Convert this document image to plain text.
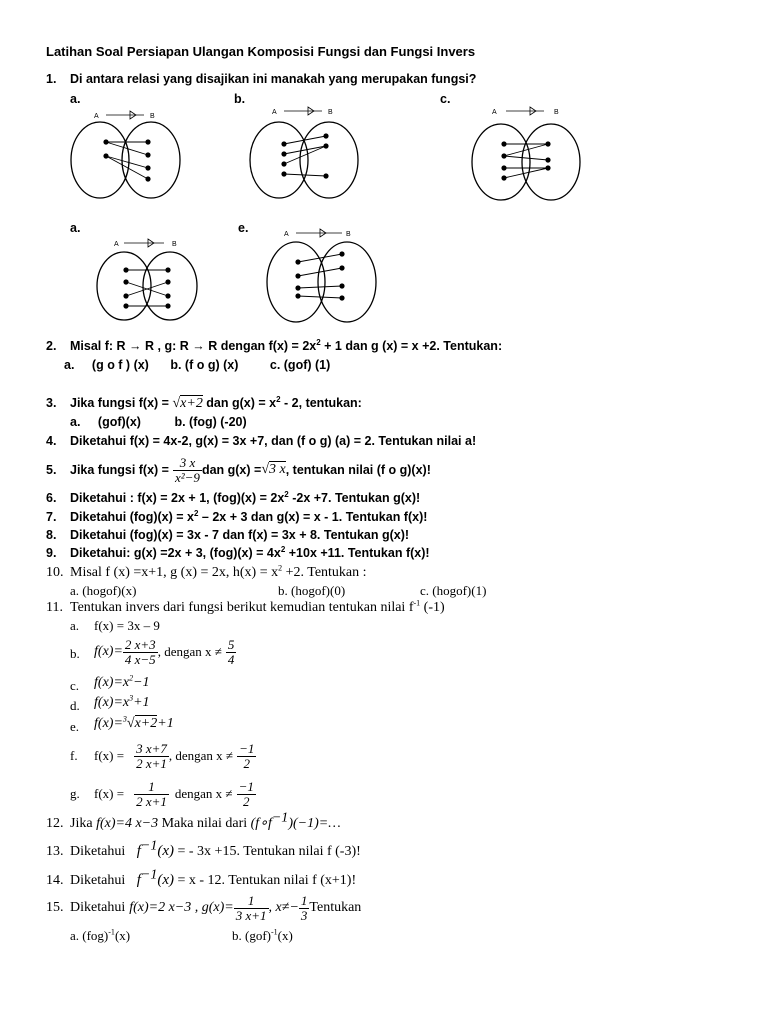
Latihan Soal Persiapan Ulangan Komposisi Fungsi dan Fungsi Invers
1. Di antara relasi yang disajikan ini manakah yang merupakan fungsi?
a.	b.	c.
a.	e.
A	B
A	B	A	B
A	B
A	B
2. Misal f: R → R , g: R → R dengan $f(x) = 2x^2 + 1$ dan g (x) = x +2. Tentukan:
a. (g o f ) (x) b. (f o g) (x)	c. (gof) (1)
3. Jika fungsi f(x) = √x+2 dan $g(x) = x^2 - 2$, tentukan:
a. (gof)(x)	b. (fog) (-20)
4. Diketahui f(x) = 4x-2, g(x) = 3x +7, dan (f o g) (a) = 2. Tentukan nilai a!
5.	Jika fungsi $f(x) = \frac{3 x}{\text{x²−9}}$ dan g(x) = √3 x , tentukan nilai (f o g)(x)!
6. Diketahui : f(x) = 2x + 1, $(fog)(x) = 2x^2$ -2x +7. Tentukan g(x)!
7. Diketahui $(fog)(x) = x^2 - 2x + 3$ dan g(x) = x - 1. Tentukan f(x)!
8. Diketahui (fog)(x) = 3x - 7 dan f(x) = 3x + 8. Tentukan g(x)!
9. Diketahui: g(x) =2x + 3, $(fog)(x) = 4x^2 +10x +11$. Tentukan f(x)!
10. Misal f (x) =x+1, g (x) = 2x, $h(x) = x^2 +2$. Tentukan :
a. (hogof)(x)	b. (hogof)(0)	c. (hogof)(1)
11. Tentukan invers dari fungsi berikut kemudian tentukan nilai $f^{-1}$ (-1)
a. f(x) = 3x – 9
b. f ( x )= $\frac{2 x+3}{4 x-5}$ , dengan $x \ne \frac{5}{4}$
c. $f(x)=x^2-1$
d. $f(x)=x^3+1$
e. f(x)=$^3$√x+2+1
f. $f(x) = \frac{3 x+7}{2 x+1}$ , dengan $x \ne \frac{-1}{2}$
g. $f(x) = \frac{1}{2 x+1}$ dengan $x \ne \frac{-1}{2}$
12. Jika f(x)=4 x−3 Maka nilai dari $(f\circ f^{-1})(-1)=\dots$
13. Diketahui $f^{-1}(x)$ = - 3x +15. Tentukan nilai f (-3)!
14. Diketahui $f^{-1}(x) = x - 12$. Tentukan nilai f (x+1)!
15. Diketahui f(x)=2 x−3 , $g(x)= \frac{1}{3 x+1}$ , $x\ne- \frac{1}{3}$ Tentukan
a. (fog)$^{-1}$(x)	b. (gof)$^{-1}$(x)
